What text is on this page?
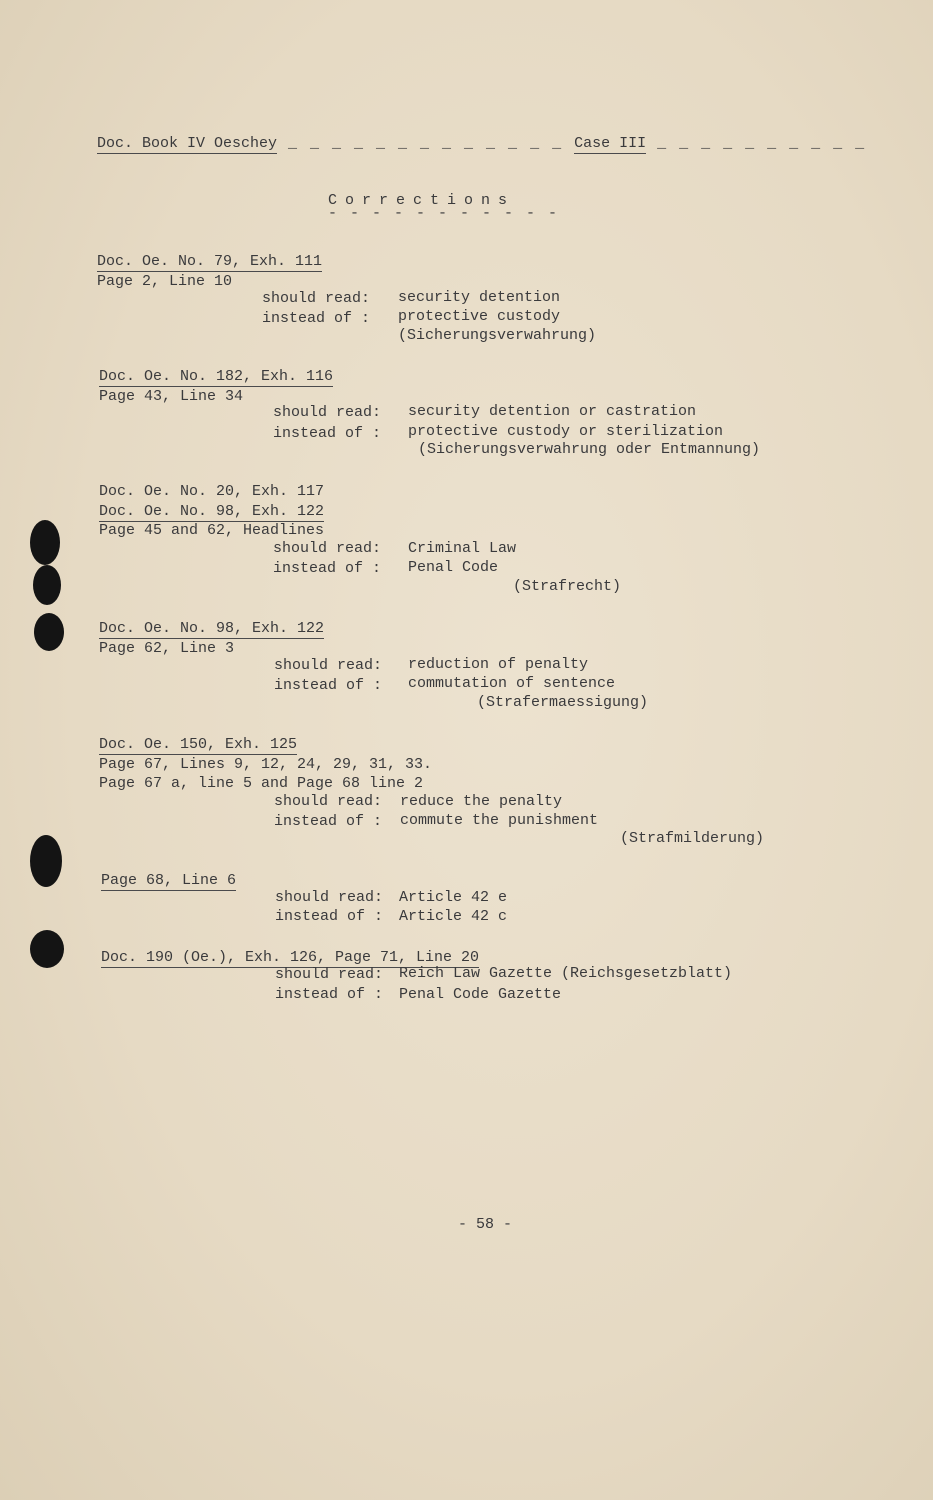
Doc. Book IV Oeschey _ _ _ _ _ _ _ _ _ _ _ _ _ Case III _ _ _ _ _ _ _ _ _ _
Corrections
- - - - - - - - - - -
Doc. Oe. No. 79, Exh. 111
Page 2, Line 10
should read: security detention
instead of : protective custody
(Sicherungsverwahrung)
Doc. Oe. No. 182, Exh. 116
Page 43, Line 34
should read: security detention or castration
instead of : protective custody or sterilization
(Sicherungsverwahrung oder Entmannung)
Doc. Oe. No. 20, Exh. 117
Doc. Oe. No. 98, Exh. 122
Page 45 and 62, Headlines
should read: Criminal Law
instead of : Penal Code
(Strafrecht)
Doc. Oe. No. 98, Exh. 122
Page 62, Line 3
should read: reduction of penalty
instead of : commutation of sentence
(Strafermaessigung)
Doc. Oe. 150, Exh. 125
Page 67, Lines 9, 12, 24, 29, 31, 33.
Page 67 a, line 5 and Page 68 line 2
should read: reduce the penalty
instead of : commute the punishment
(Strafmilderung)
Page 68, Line 6
should read: Article 42 e
instead of : Article 42 c
Doc. 190 (Oe.), Exh. 126, Page 71, Line 20
should read: Reich Law Gazette (Reichsgesetzblatt)
instead of : Penal Code Gazette
- 58 -
